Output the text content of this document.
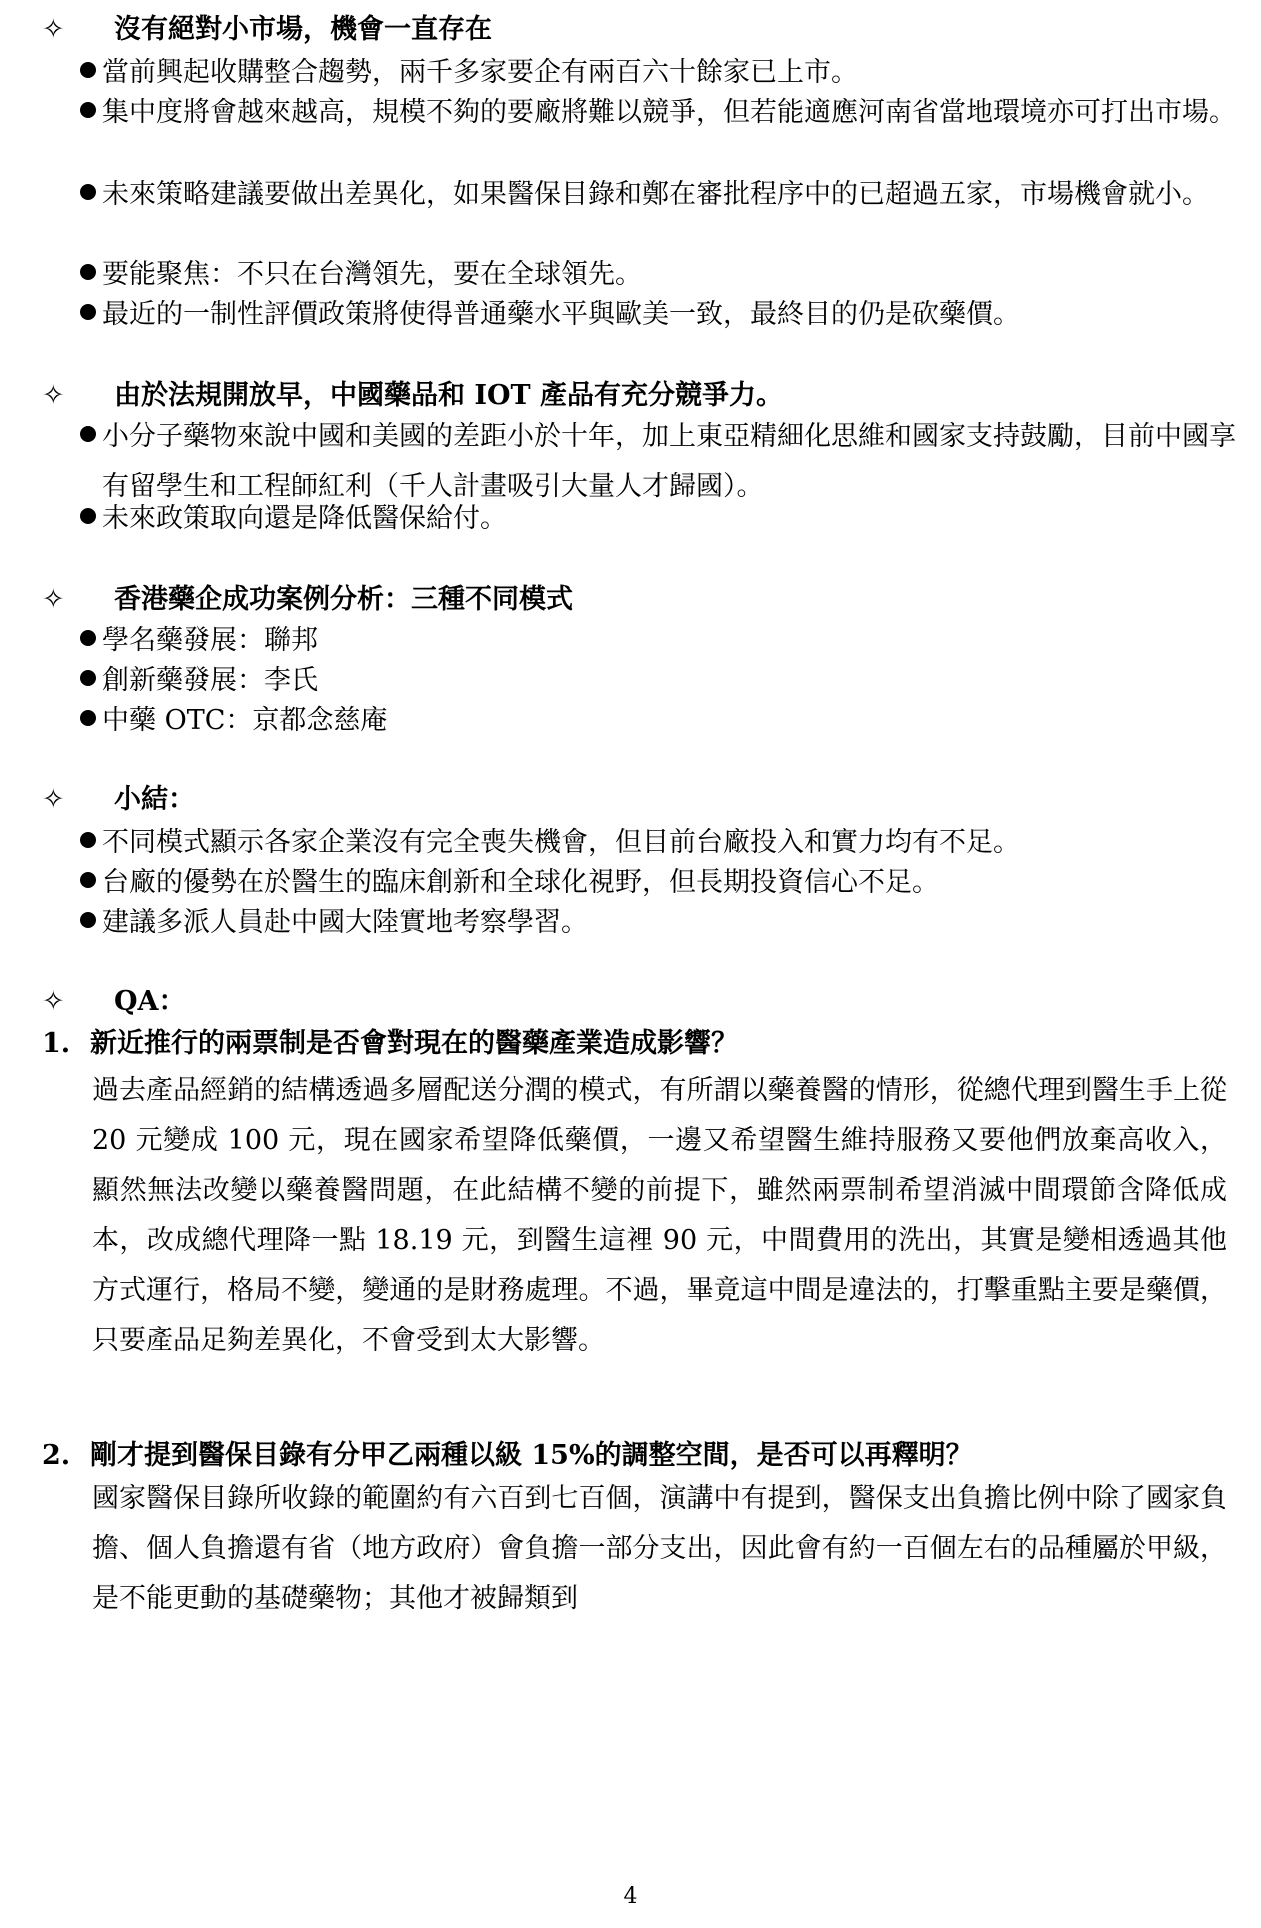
✧ 沒有絕對小市場，機會一直存在
當前興起收購整合趨勢，兩千多家要企有兩百六十餘家已上市。
集中度將會越來越高，規模不夠的要廠將難以競爭，但若能適應河南省當地環境亦可打出市場。
未來策略建議要做出差異化，如果醫保目錄和鄭在審批程序中的已超過五家，市場機會就小。
要能聚焦：不只在台灣領先，要在全球領先。
最近的一制性評價政策將使得普通藥水平與歐美一致，最終目的仍是砍藥價。
✧ 由於法規開放早，中國藥品和 IOT 產品有充分競爭力。
小分子藥物來說中國和美國的差距小於十年，加上東亞精細化思維和國家支持鼓勵，目前中國享有留學生和工程師紅利（千人計畫吸引大量人才歸國）。
未來政策取向還是降低醫保給付。
✧ 香港藥企成功案例分析：三種不同模式
學名藥發展：聯邦
創新藥發展：李氏
中藥 OTC：京都念慈庵
✧ 小結：
不同模式顯示各家企業沒有完全喪失機會，但目前台廠投入和實力均有不足。
台廠的優勢在於醫生的臨床創新和全球化視野，但長期投資信心不足。
建議多派人員赴中國大陸實地考察學習。
✧ QA：
1. 新近推行的兩票制是否會對現在的醫藥產業造成影響？
過去產品經銷的結構透過多層配送分潤的模式，有所謂以藥養醫的情形，從總代理到醫生手上從 20 元變成 100 元，現在國家希望降低藥價，一邊又希望醫生維持服務又要他們放棄高收入，顯然無法改變以藥養醫問題，在此結構不變的前提下，雖然兩票制希望消滅中間環節含降低成本，改成總代理降一點 18.19 元，到醫生這裡 90 元，中間費用的洗出，其實是變相透過其他方式運行，格局不變，變通的是財務處理。不過，畢竟這中間是違法的，打擊重點主要是藥價，只要產品足夠差異化，不會受到太大影響。
2. 剛才提到醫保目錄有分甲乙兩種以級 15%的調整空間，是否可以再釋明？
國家醫保目錄所收錄的範圍約有六百到七百個，演講中有提到，醫保支出負擔比例中除了國家負擔、個人負擔還有省（地方政府）會負擔一部分支出，因此會有約一百個左右的品種屬於甲級，是不能更動的基礎藥物；其他才被歸類到
4
